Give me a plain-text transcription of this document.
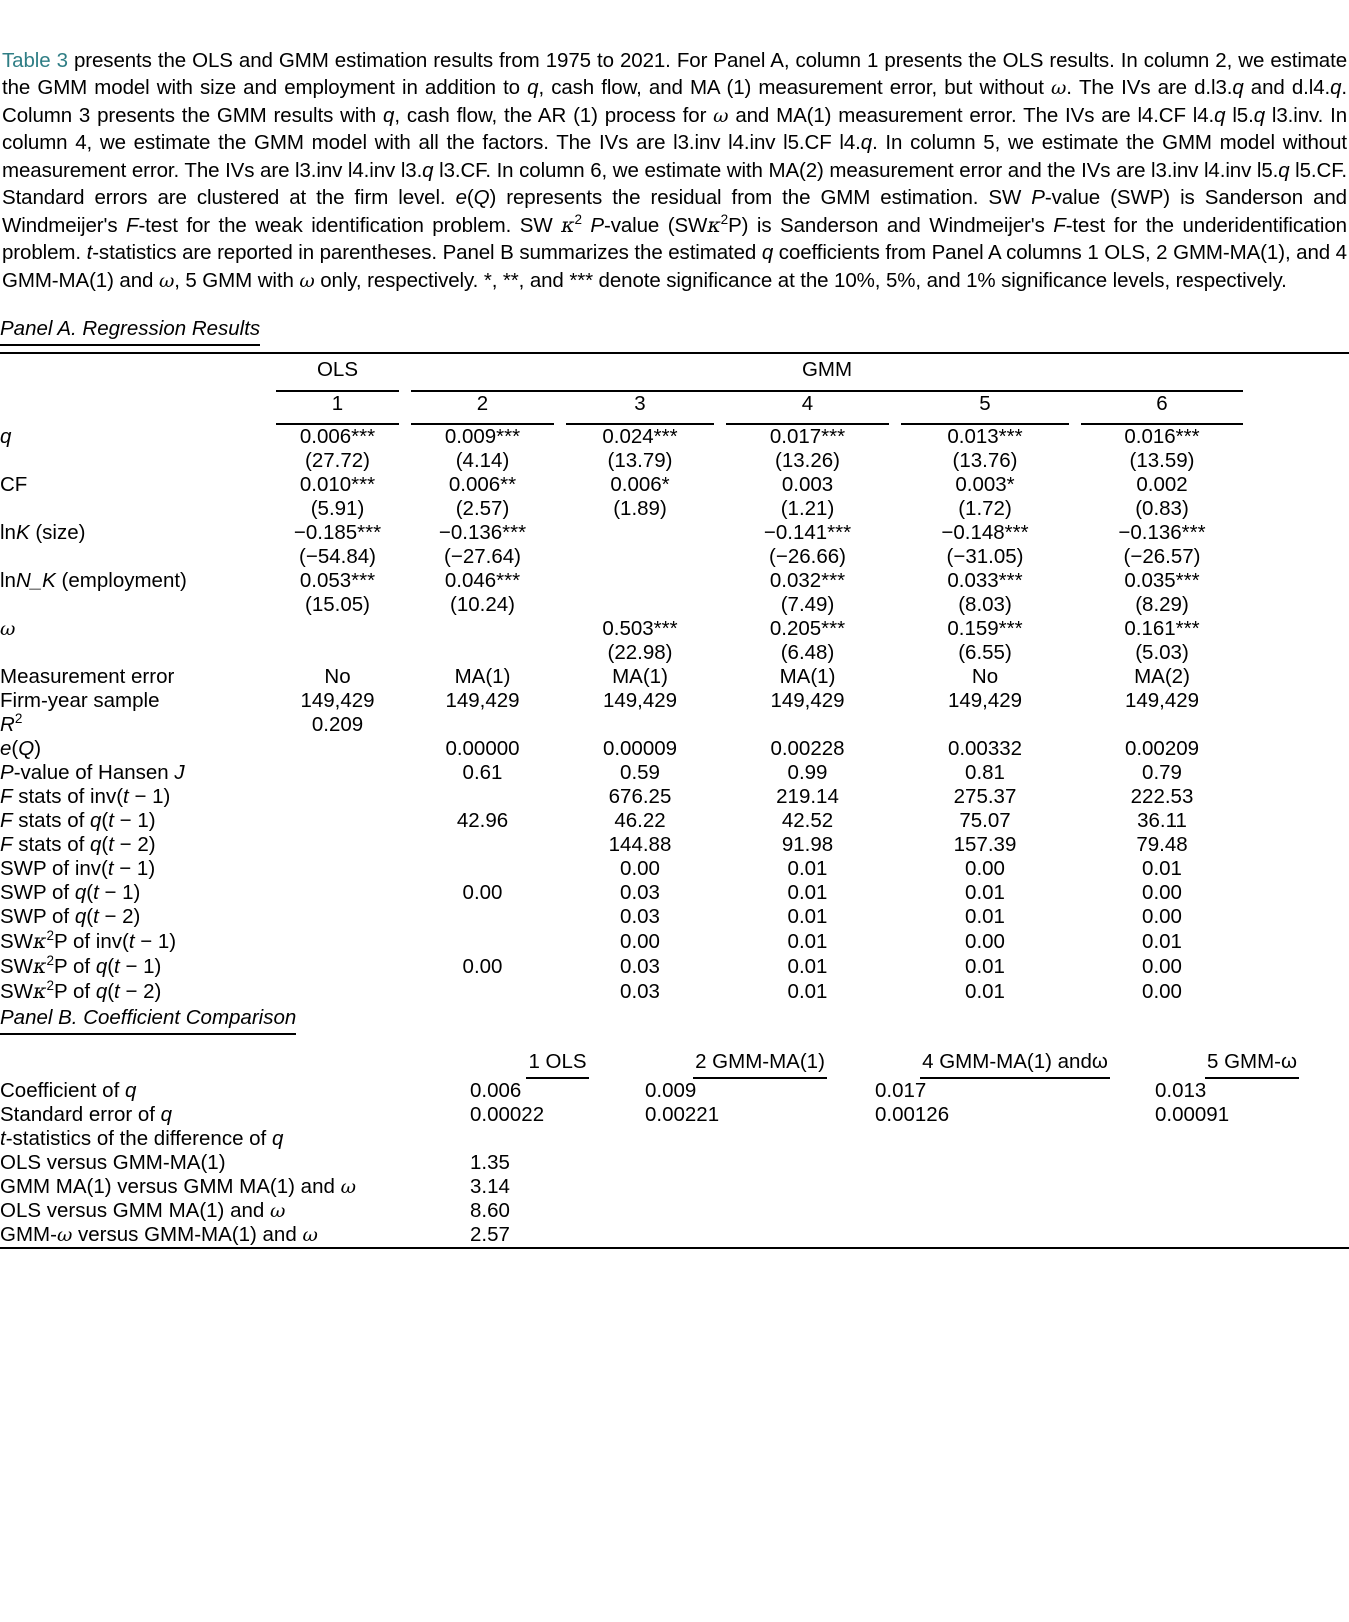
Table 3 presents the OLS and GMM estimation results from 1975 to 2021. For Panel A, column 1 presents the OLS results. In column 2, we estimate the GMM model with size and employment in addition to q, cash flow, and MA (1) measurement error, but without ω. The IVs are d.l3.q and d.l4.q. Column 3 presents the GMM results with q, cash flow, the AR (1) process for ω and MA(1) measurement error. The IVs are l4.CF l4.q l5.q l3.inv. In column 4, we estimate the GMM model with all the factors. The IVs are l3.inv l4.inv l5.CF l4.q. In column 5, we estimate the GMM model without measurement error. The IVs are l3.inv l4.inv l3.q l3.CF. In column 6, we estimate with MA(2) measurement error and the IVs are l3.inv l4.inv l5.q l5.CF. Standard errors are clustered at the firm level. e(Q) represents the residual from the GMM estimation. SW P-value (SWP) is Sanderson and Windmeijer's F-test for the weak identification problem. SW $\kappa^2$ P-value (SWκ$^2$P) is Sanderson and Windmeijer's F-test for the underidentification problem. t-statistics are reported in parentheses. Panel B summarizes the estimated q coefficients from Panel A columns 1 OLS, 2 GMM-MA(1), and 4 GMM-MA(1) and ω, 5 GMM with ω only, respectively. *, **, and *** denote significance at the 10%, 5%, and 1% significance levels, respectively.

Panel A. Regression Results

	OLS	GMM					

	1	2	3	4	5	6	

q	0.006***	0.009***	0.024***	0.017***	0.013***	0.016***	
	(27.72)	(4.14)	(13.79)	(13.26)	(13.76)	(13.59)	
CF	0.010***	0.006**	0.006*	0.003	0.003*	0.002	
	(5.91)	(2.57)	(1.89)	(1.21)	(1.72)	(0.83)	
lnK (size)	−0.185***	−0.136***		−0.141***	−0.148***	−0.136***	
	(−54.84)	(−27.64)		(−26.66)	(−31.05)	(−26.57)	
lnN_K (employment)	0.053***	0.046***		0.032***	0.033***	0.035***	
	(15.05)	(10.24)		(7.49)	(8.03)	(8.29)	
ω			0.503***	0.205***	0.159***	0.161***	
			(22.98)	(6.48)	(6.55)	(5.03)	
Measurement error	No	MA(1)	MA(1)	MA(1)	No	MA(2)	
Firm-year sample	149,429	149,429	149,429	149,429	149,429	149,429	
$R^2$	0.209						
e(Q)		0.00000	0.00009	0.00228	0.00332	0.00209	
P-value of Hansen J		0.61	0.59	0.99	0.81	0.79	
F stats of inv(t − 1)			676.25	219.14	275.37	222.53	
F stats of q(t − 1)		42.96	46.22	42.52	75.07	36.11	
F stats of q(t − 2)			144.88	91.98	157.39	79.48	
SWP of inv(t − 1)			0.00	0.01	0.00	0.01	
SWP of q(t − 1)		0.00	0.03	0.01	0.01	0.00	
SWP of q(t − 2)			0.03	0.01	0.01	0.00	
SWκ$^2$P of inv(t − 1)			0.00	0.01	0.00	0.01	
SWκ$^2$P of q(t − 1)		0.00	0.03	0.01	0.01	0.00	
SWκ$^2$P of q(t − 2)			0.03	0.01	0.01	0.00	
Panel B. Coefficient Comparison
	1 OLS	2 GMM-MA(1)	4 GMM-MA(1) andω	5 GMM-ω	
Coefficient of q	0.006	0.009	0.017	0.013	
Standard error of q	0.00022	0.00221	0.00126	0.00091	
t-statistics of the difference of q					
OLS versus GMM-MA(1)	1.35				
GMM MA(1) versus GMM MA(1) and ω	3.14				
OLS versus GMM MA(1) and ω	8.60				
GMM-ω versus GMM-MA(1) and ω	2.57				
